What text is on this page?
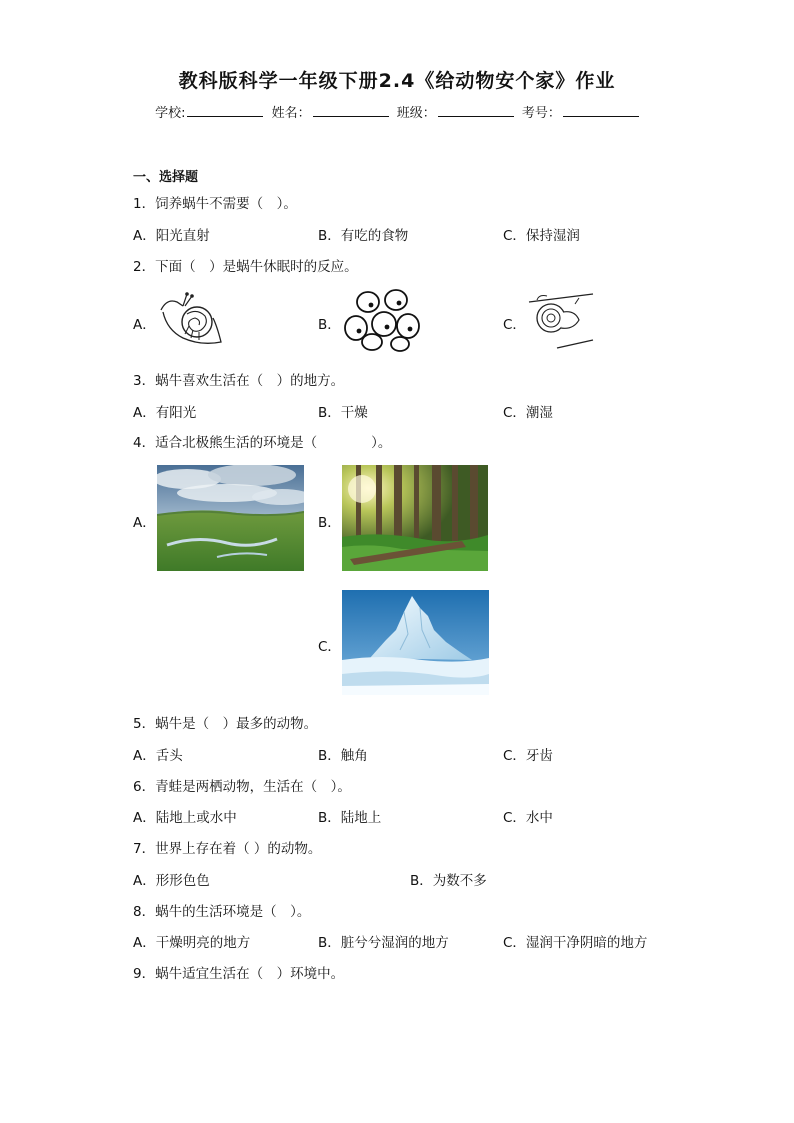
教科版科学一年级下册2.4《给动物安个家》作业
学校:	姓名：	班级：	考号：
一、选择题
1．饲养蜗牛不需要（　）。
A．阳光直射	B．有吃的食物	C．保持湿润
2．下面（　）是蜗牛休眠时的反应。
A．	B．	C．
3．蜗牛喜欢生活在（　）的地方。
A．有阳光	B．干燥	C．潮湿
4．适合北极熊生活的环境是（　　　　）。
A．	B．
C．
5．蜗牛是（　）最多的动物。
A．舌头	B．触角	C．牙齿
6．青蛙是两栖动物，生活在（　）。
A．陆地上或水中	B．陆地上	C．水中
7．世界上存在着（ ）的动物。
A．形形色色	B．为数不多
8．蜗牛的生活环境是（　）。
A．干燥明亮的地方	B．脏兮兮湿润的地方	C．湿润干净阴暗的地方
9．蜗牛适宜生活在（　）环境中。
